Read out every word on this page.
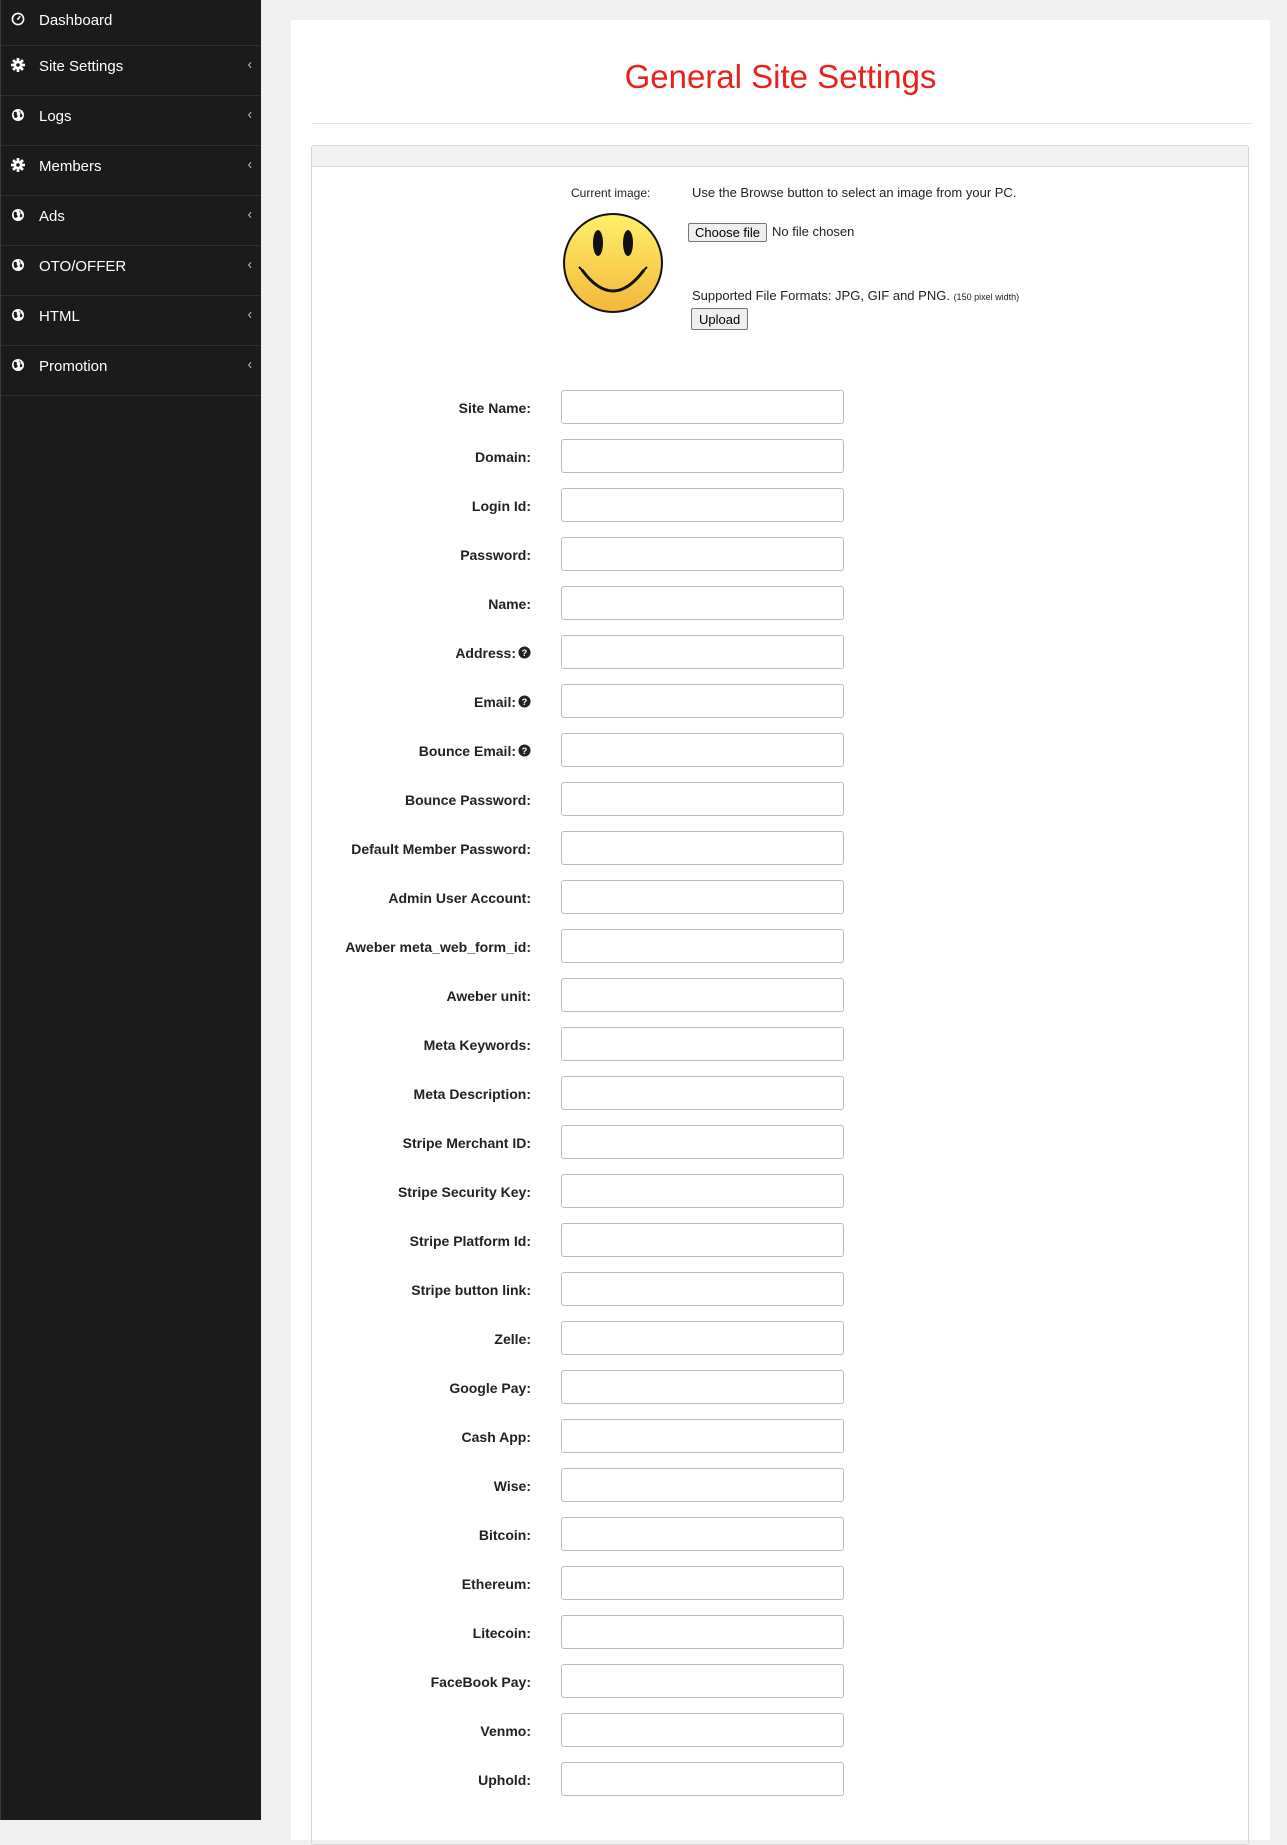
Dashboard
Site Settings
Logs
Members
Ads
OTO/OFFER
HTML
Promotion
General Site Settings
Current image:	Use the Browse button to select an image from your PC.
Choose file No file chosen
Supported File Formats: JPG, GIF and PNG. (150 pixel width)
Upload
Site Name:
Domain:
Login Id:
Password:
Name:
Address: ?
Email: ?
Bounce Email: ?
Bounce Password:
Default Member Password:
Admin User Account:
Aweber meta_web_form_id:
Aweber unit:
Meta Keywords:
Meta Description:
Stripe Merchant ID:
Stripe Security Key:
Stripe Platform Id:
Stripe button link:
Zelle:
Google Pay:
Cash App:
Wise:
Bitcoin:
Ethereum:
Litecoin:
FaceBook Pay:
Venmo:
Uphold:
